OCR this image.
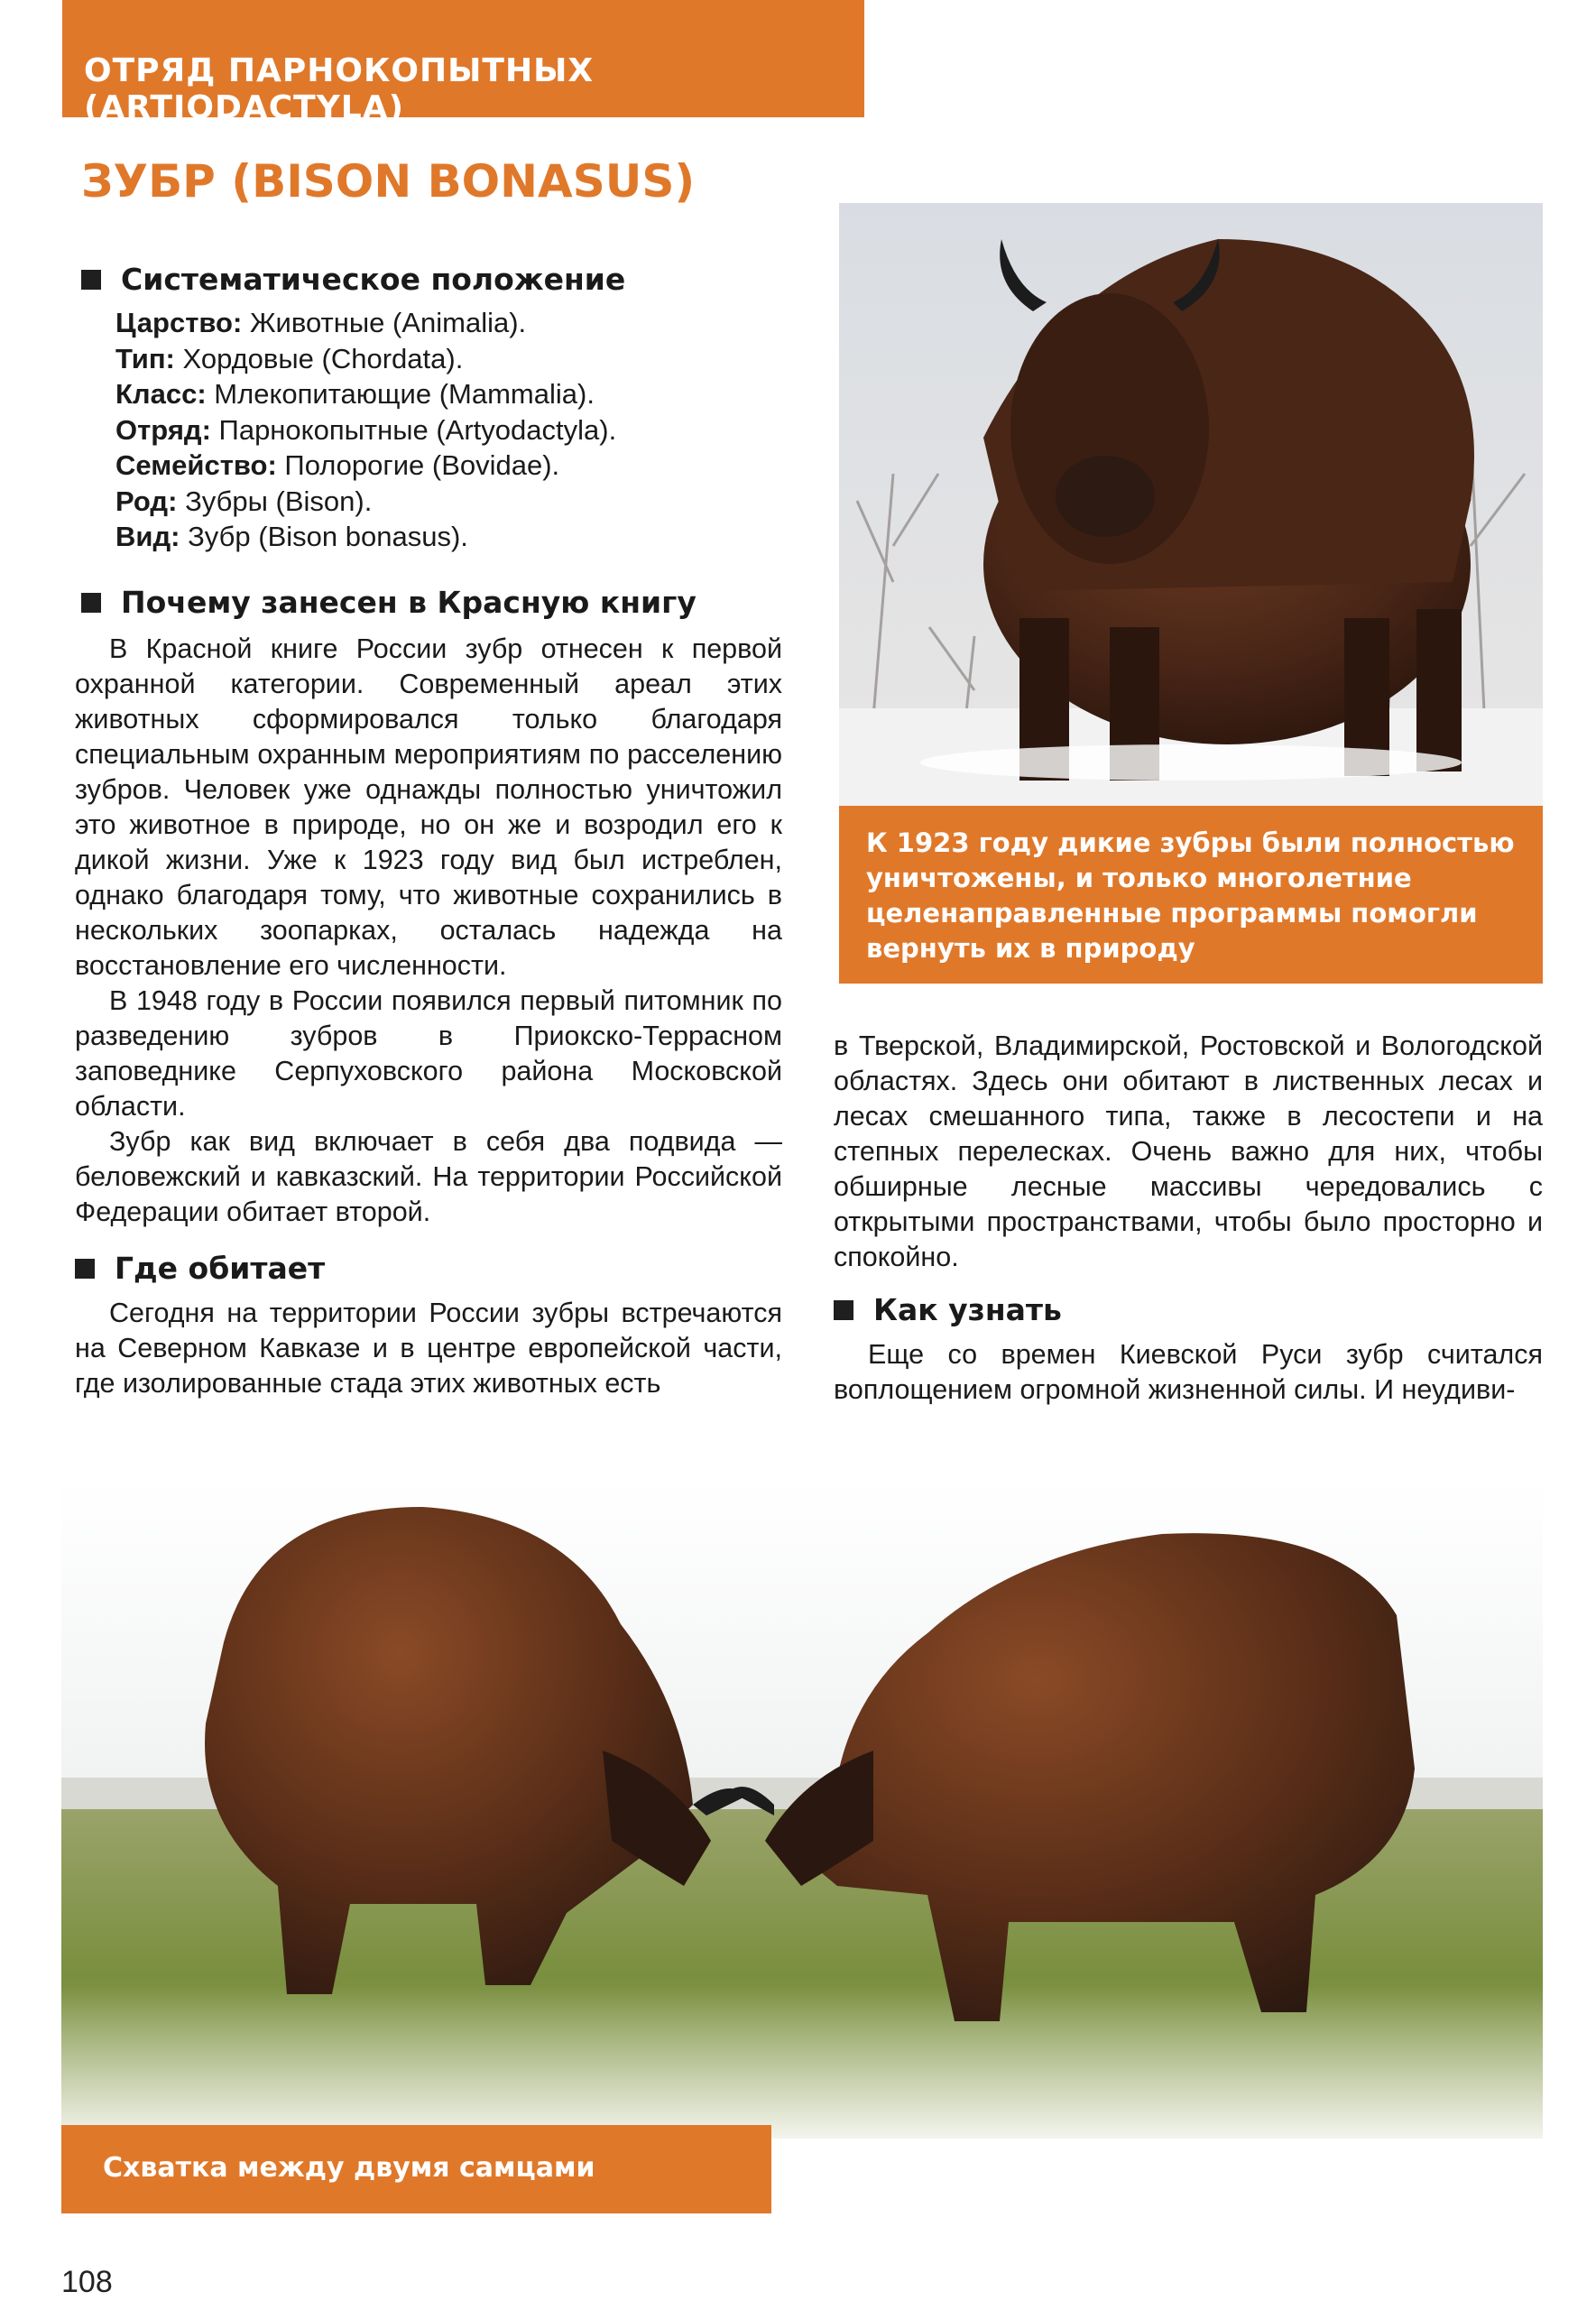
ОТРЯД ПАРНОКОПЫТНЫХ (ARTIODACTYLA)
ЗУБР (BISON BONASUS)
Систематическое положение
Царство: Животные (Animalia).
Тип: Хордовые (Chordata).
Класс: Млекопитающие (Mammalia).
Отряд: Парнокопытные (Artyodactyla).
Семейство: Полорогие (Bovidae).
Род: Зубры (Bison).
Вид: Зубр (Bison bonasus).
Почему занесен в Красную книгу

В Красной книге России зубр отнесен к первой охранной категории. Современный ареал этих животных сформировался только благодаря специальным охранным мероприятиям по расселению зубров. Человек уже однажды полностью уничтожил это животное в природе, но он же и возродил его к дикой жизни. Уже к 1923 году вид был истреблен, однако благодаря тому, что животные сохранились в нескольких зоопарках, осталась надежда на восстановление его численности.

В 1948 году в России появился первый питомник по разведению зубров в Приокско-Террасном заповеднике Серпуховского района Московской области.

Зубр как вид включает в себя два подвида — беловежский и кавказский. На территории Российской Федерации обитает второй.

Где обитает

Сегодня на территории России зубры встречаются на Северном Кавказе и в центре европейской части, где изолированные стада этих животных есть

К 1923 году дикие зубры были полностью уничтожены, и только многолетние целенаправленные программы помогли вернуть их в природу

в Тверской, Владимирской, Ростовской и Вологодской областях. Здесь они обитают в лиственных лесах и лесах смешанного типа, также в лесостепи и на степных перелесках. Очень важно для них, чтобы обширные лесные массивы чередовались с открытыми пространствами, чтобы было просторно и спокойно.

Как узнать

Еще со времен Киевской Руси зубр считался воплощением огромной жизненной силы. И неудиви-

Схватка между двумя самцами
108
